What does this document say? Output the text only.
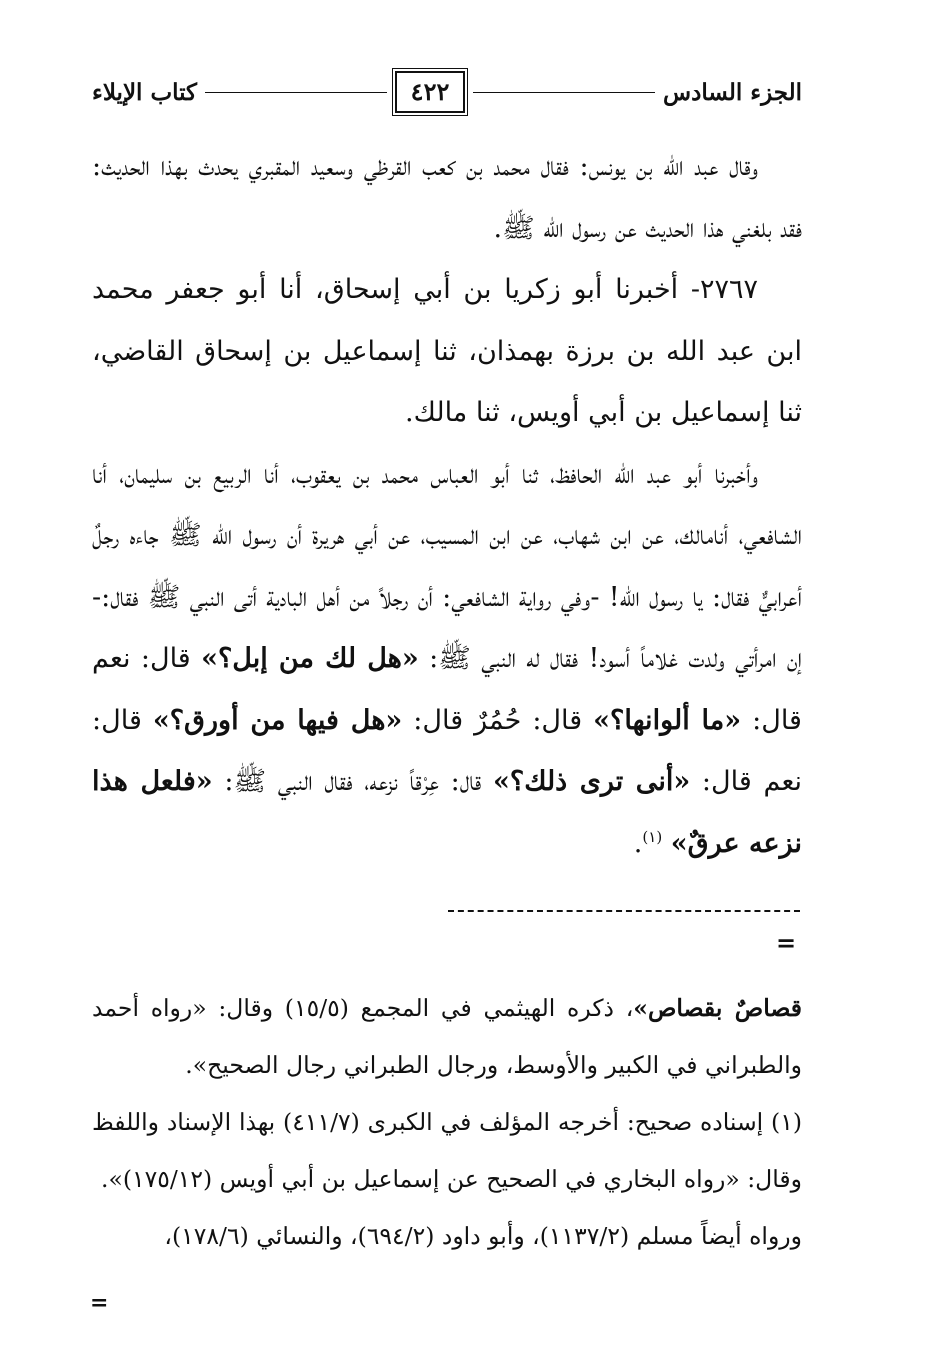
الجزء السادس
٤٢٢
كتاب الإيلاء

وقال عبد الله بن يونس: فقال محمد بن كعب القرظي وسعيد المقبري يحدث بهذا الحديث: فقد بلغني هذا الحديث عن رسول الله ﷺ.

٢٧٦٧- أخبرنا أبو زكريا بن أبي إسحاق، أنا أبو جعفر محمد ابن عبد الله بن برزة بهمذان، ثنا إسماعيل بن إسحاق القاضي، ثنا إسماعيل بن أبي أويس، ثنا مالك.

وأخبرنا أبو عبد الله الحافظ، ثنا أبو العباس محمد بن يعقوب، أنا الربيع بن سليمان، أنا الشافعي، أنامالك، عن ابن شهاب، عن ابن المسيب، عن أبي هريرة أن رسول الله ﷺ جاءه رجلٌ أعرابيٌّ فقال: يا رسول الله! -وفي رواية الشافعي: أن رجلاً من أهل البادية أتى النبي ﷺ فقال:- إن امرأتي ولدت غلاماً أسود! فقال له النبي ﷺ: «هل لك من إبل؟» قال: نعم قال: «ما ألوانها؟» قال: حُمُرٌ قال: «هل فيها من أورق؟» قال: نعم قال: «أنى ترى ذلك؟» قال: عِرْقاً نزعه، فقال النبي ﷺ: «فلعل هذا نزعه عرقٌ» $^{(١)}$.

=

قصاصٌ بقصاص»، ذكره الهيثمي في المجمع (١٥/٥) وقال: «رواه أحمد والطبراني في الكبير والأوسط، ورجال الطبراني رجال الصحيح».

(١) إسناده صحيح: أخرجه المؤلف في الكبرى (٤١١/٧) بهذا الإسناد واللفظ وقال: «رواه البخاري في الصحيح عن إسماعيل بن أبي أويس (١٧٥/١٢)».

ورواه أيضاً مسلم (١١٣٧/٢)، وأبو داود (٦٩٤/٢)، والنسائي (١٧٨/٦)،

=
